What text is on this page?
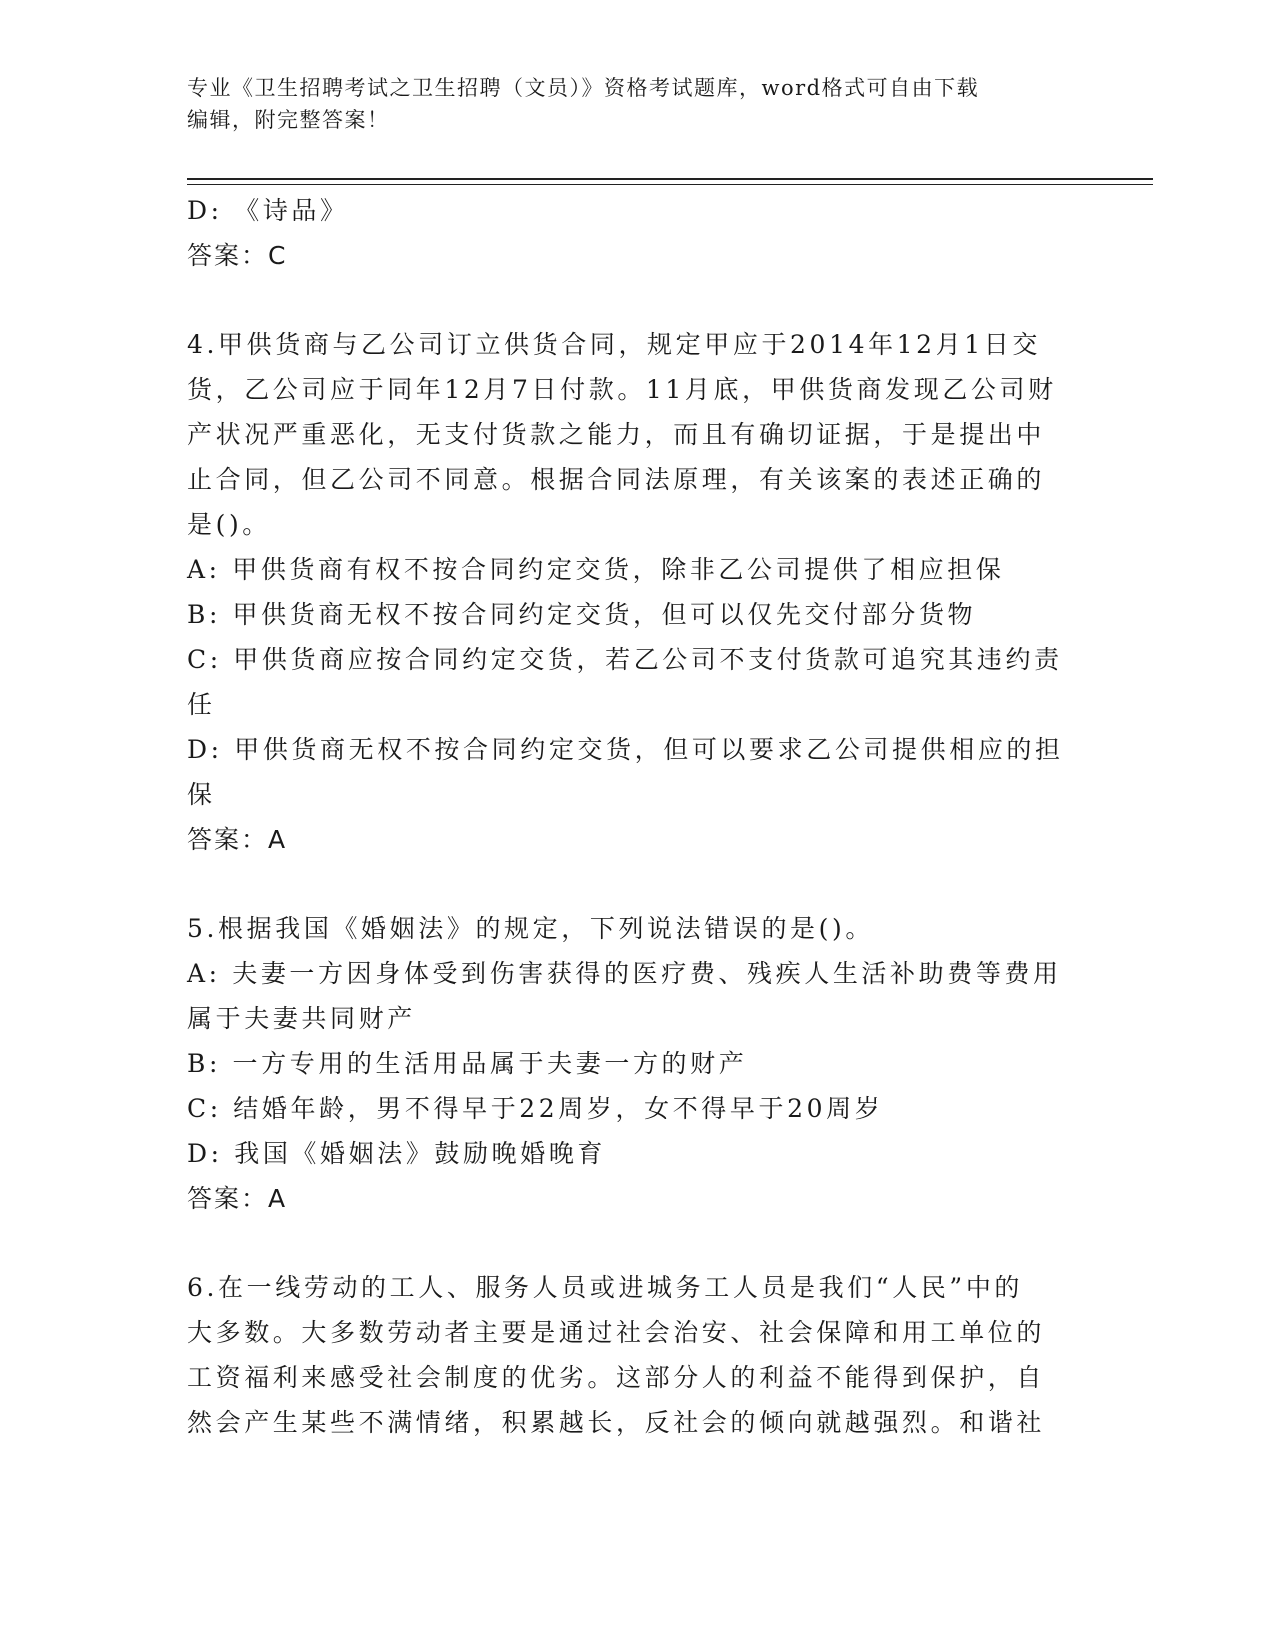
专业《卫生招聘考试之卫生招聘（文员）》资格考试题库，word格式可自由下载
编辑，附完整答案！

D: 《诗品》

答案：C

4.甲供货商与乙公司订立供货合同，规定甲应于2014年12月1日交

货，乙公司应于同年12月7日付款。11月底，甲供货商发现乙公司财

产状况严重恶化，无支付货款之能力，而且有确切证据，于是提出中

止合同，但乙公司不同意。根据合同法原理，有关该案的表述正确的

是()。

A: 甲供货商有权不按合同约定交货，除非乙公司提供了相应担保

B: 甲供货商无权不按合同约定交货，但可以仅先交付部分货物

C: 甲供货商应按合同约定交货，若乙公司不支付货款可追究其违约责

任

D: 甲供货商无权不按合同约定交货，但可以要求乙公司提供相应的担

保

答案：A

5.根据我国《婚姻法》的规定，下列说法错误的是()。

A: 夫妻一方因身体受到伤害获得的医疗费、残疾人生活补助费等费用

属于夫妻共同财产

B: 一方专用的生活用品属于夫妻一方的财产

C: 结婚年龄，男不得早于22周岁，女不得早于20周岁

D: 我国《婚姻法》鼓励晚婚晚育

答案：A

6.在一线劳动的工人、服务人员或进城务工人员是我们“人民”中的

大多数。大多数劳动者主要是通过社会治安、社会保障和用工单位的

工资福利来感受社会制度的优劣。这部分人的利益不能得到保护，自

然会产生某些不满情绪，积累越长，反社会的倾向就越强烈。和谐社
